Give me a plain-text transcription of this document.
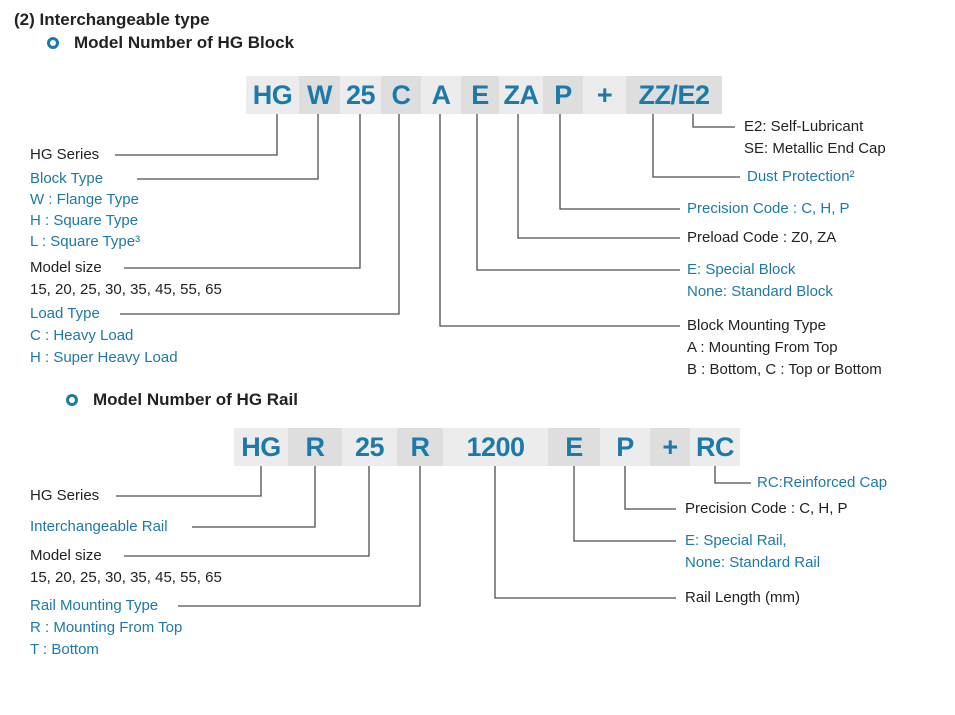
(2) Interchangeable type
Model Number of HG Block
HG W 25 C A E ZA P + ZZ/E2
HG Series
Block Type
W : Flange Type
H : Square Type
L : Square Type³
Model size
15, 20, 25, 30, 35, 45, 55, 65
Load Type
C : Heavy Load
H : Super Heavy Load
E2: Self-Lubricant
SE: Metallic End Cap
Dust Protection²
Precision Code : C, H, P
Preload Code : Z0, ZA
E: Special Block
None: Standard Block
Block Mounting Type
A : Mounting From Top
B : Bottom, C : Top or Bottom
Model Number of HG Rail
HG R	25 R	1200	E	P	+ RC
HG Series
Interchangeable Rail
Model size
15, 20, 25, 30, 35, 45, 55, 65
Rail Mounting Type
R : Mounting From Top
T : Bottom
RC:Reinforced Cap
Precision Code : C, H, P
E: Special Rail,
None: Standard Rail
Rail Length (mm)
